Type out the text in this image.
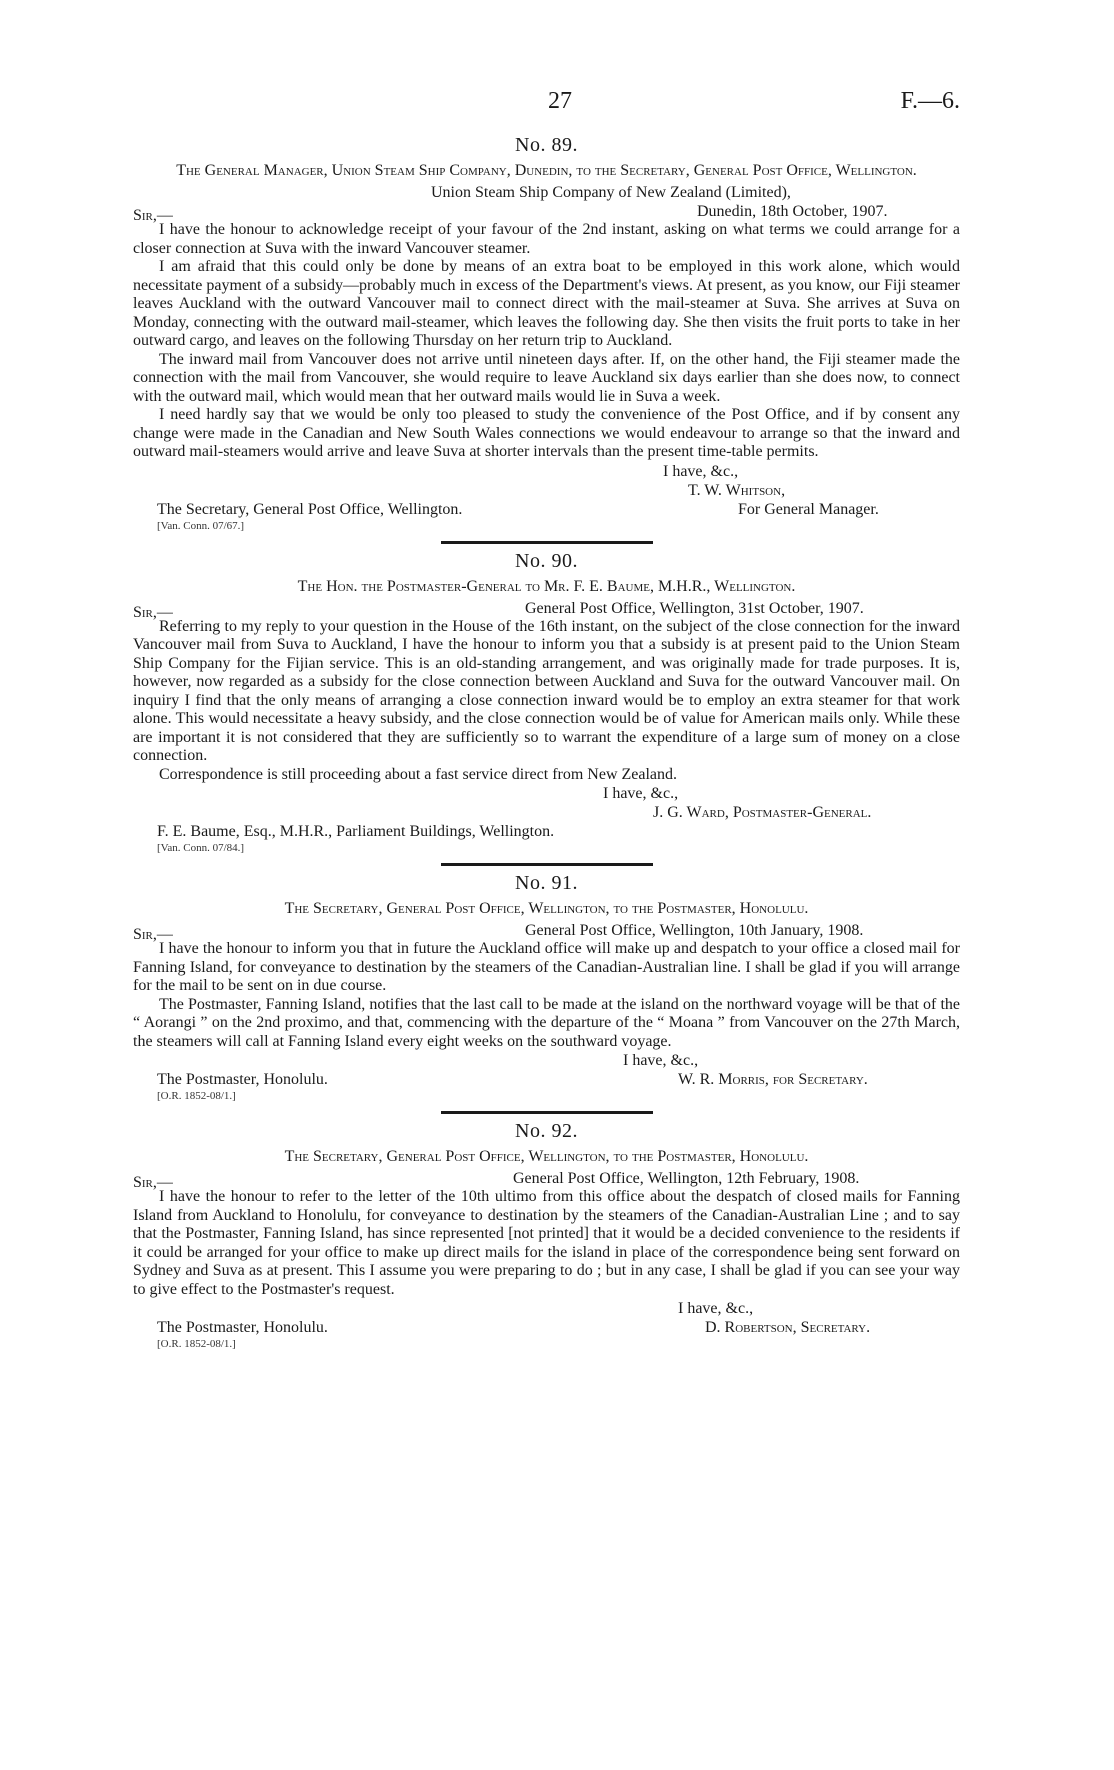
27	F.—6.
No. 89.
The General Manager, Union Steam Ship Company, Dunedin, to the Secretary, General Post Office, Wellington.
Union Steam Ship Company of New Zealand (Limited),
Sir,—	Dunedin, 18th October, 1907.

I have the honour to acknowledge receipt of your favour of the 2nd instant, asking on what terms we could arrange for a closer connection at Suva with the inward Vancouver steamer.

I am afraid that this could only be done by means of an extra boat to be employed in this work alone, which would necessitate payment of a subsidy—probably much in excess of the Department's views. At present, as you know, our Fiji steamer leaves Auckland with the outward Vancouver mail to connect direct with the mail-steamer at Suva. She arrives at Suva on Monday, connecting with the outward mail-steamer, which leaves the following day. She then visits the fruit ports to take in her outward cargo, and leaves on the following Thursday on her return trip to Auckland.

The inward mail from Vancouver does not arrive until nineteen days after. If, on the other hand, the Fiji steamer made the connection with the mail from Vancouver, she would require to leave Auckland six days earlier than she does now, to connect with the outward mail, which would mean that her outward mails would lie in Suva a week.

I need hardly say that we would be only too pleased to study the convenience of the Post Office, and if by consent any change were made in the Canadian and New South Wales connections we would endeavour to arrange so that the inward and outward mail-steamers would arrive and leave Suva at shorter intervals than the present time-table permits.

I have, &c.,
T. W. Whitson,
The Secretary, General Post Office, Wellington.	For General Manager.
[Van. Conn. 07/67.]
No. 90.
The Hon. the Postmaster-General to Mr. F. E. Baume, M.H.R., Wellington.
Sir,—	General Post Office, Wellington, 31st October, 1907.

Referring to my reply to your question in the House of the 16th instant, on the subject of the close connection for the inward Vancouver mail from Suva to Auckland, I have the honour to inform you that a subsidy is at present paid to the Union Steam Ship Company for the Fijian service. This is an old-standing arrangement, and was originally made for trade purposes. It is, however, now regarded as a subsidy for the close connection between Auckland and Suva for the outward Vancouver mail. On inquiry I find that the only means of arranging a close connection inward would be to employ an extra steamer for that work alone. This would necessitate a heavy subsidy, and the close connection would be of value for American mails only. While these are important it is not considered that they are sufficiently so to warrant the expenditure of a large sum of money on a close connection.

Correspondence is still proceeding about a fast service direct from New Zealand.

I have, &c.,
J. G. Ward, Postmaster-General.
F. E. Baume, Esq., M.H.R., Parliament Buildings, Wellington.
[Van. Conn. 07/84.]
No. 91.
The Secretary, General Post Office, Wellington, to the Postmaster, Honolulu.
Sir,—	General Post Office, Wellington, 10th January, 1908.

I have the honour to inform you that in future the Auckland office will make up and despatch to your office a closed mail for Fanning Island, for conveyance to destination by the steamers of the Canadian-Australian line. I shall be glad if you will arrange for the mail to be sent on in due course.

The Postmaster, Fanning Island, notifies that the last call to be made at the island on the northward voyage will be that of the “ Aorangi ” on the 2nd proximo, and that, commencing with the departure of the “ Moana ” from Vancouver on the 27th March, the steamers will call at Fanning Island every eight weeks on the southward voyage.

I have, &c.,
The Postmaster, Honolulu.	W. R. Morris, for Secretary.
[O.R. 1852-08/1.]
No. 92.
The Secretary, General Post Office, Wellington, to the Postmaster, Honolulu.
Sir,—	General Post Office, Wellington, 12th February, 1908.

I have the honour to refer to the letter of the 10th ultimo from this office about the despatch of closed mails for Fanning Island from Auckland to Honolulu, for conveyance to destination by the steamers of the Canadian-Australian Line ; and to say that the Postmaster, Fanning Island, has since represented [not printed] that it would be a decided convenience to the residents if it could be arranged for your office to make up direct mails for the island in place of the correspondence being sent forward on Sydney and Suva as at present. This I assume you were preparing to do ; but in any case, I shall be glad if you can see your way to give effect to the Postmaster's request.

I have, &c.,
The Postmaster, Honolulu.	D. Robertson, Secretary.
[O.R. 1852-08/1.]
